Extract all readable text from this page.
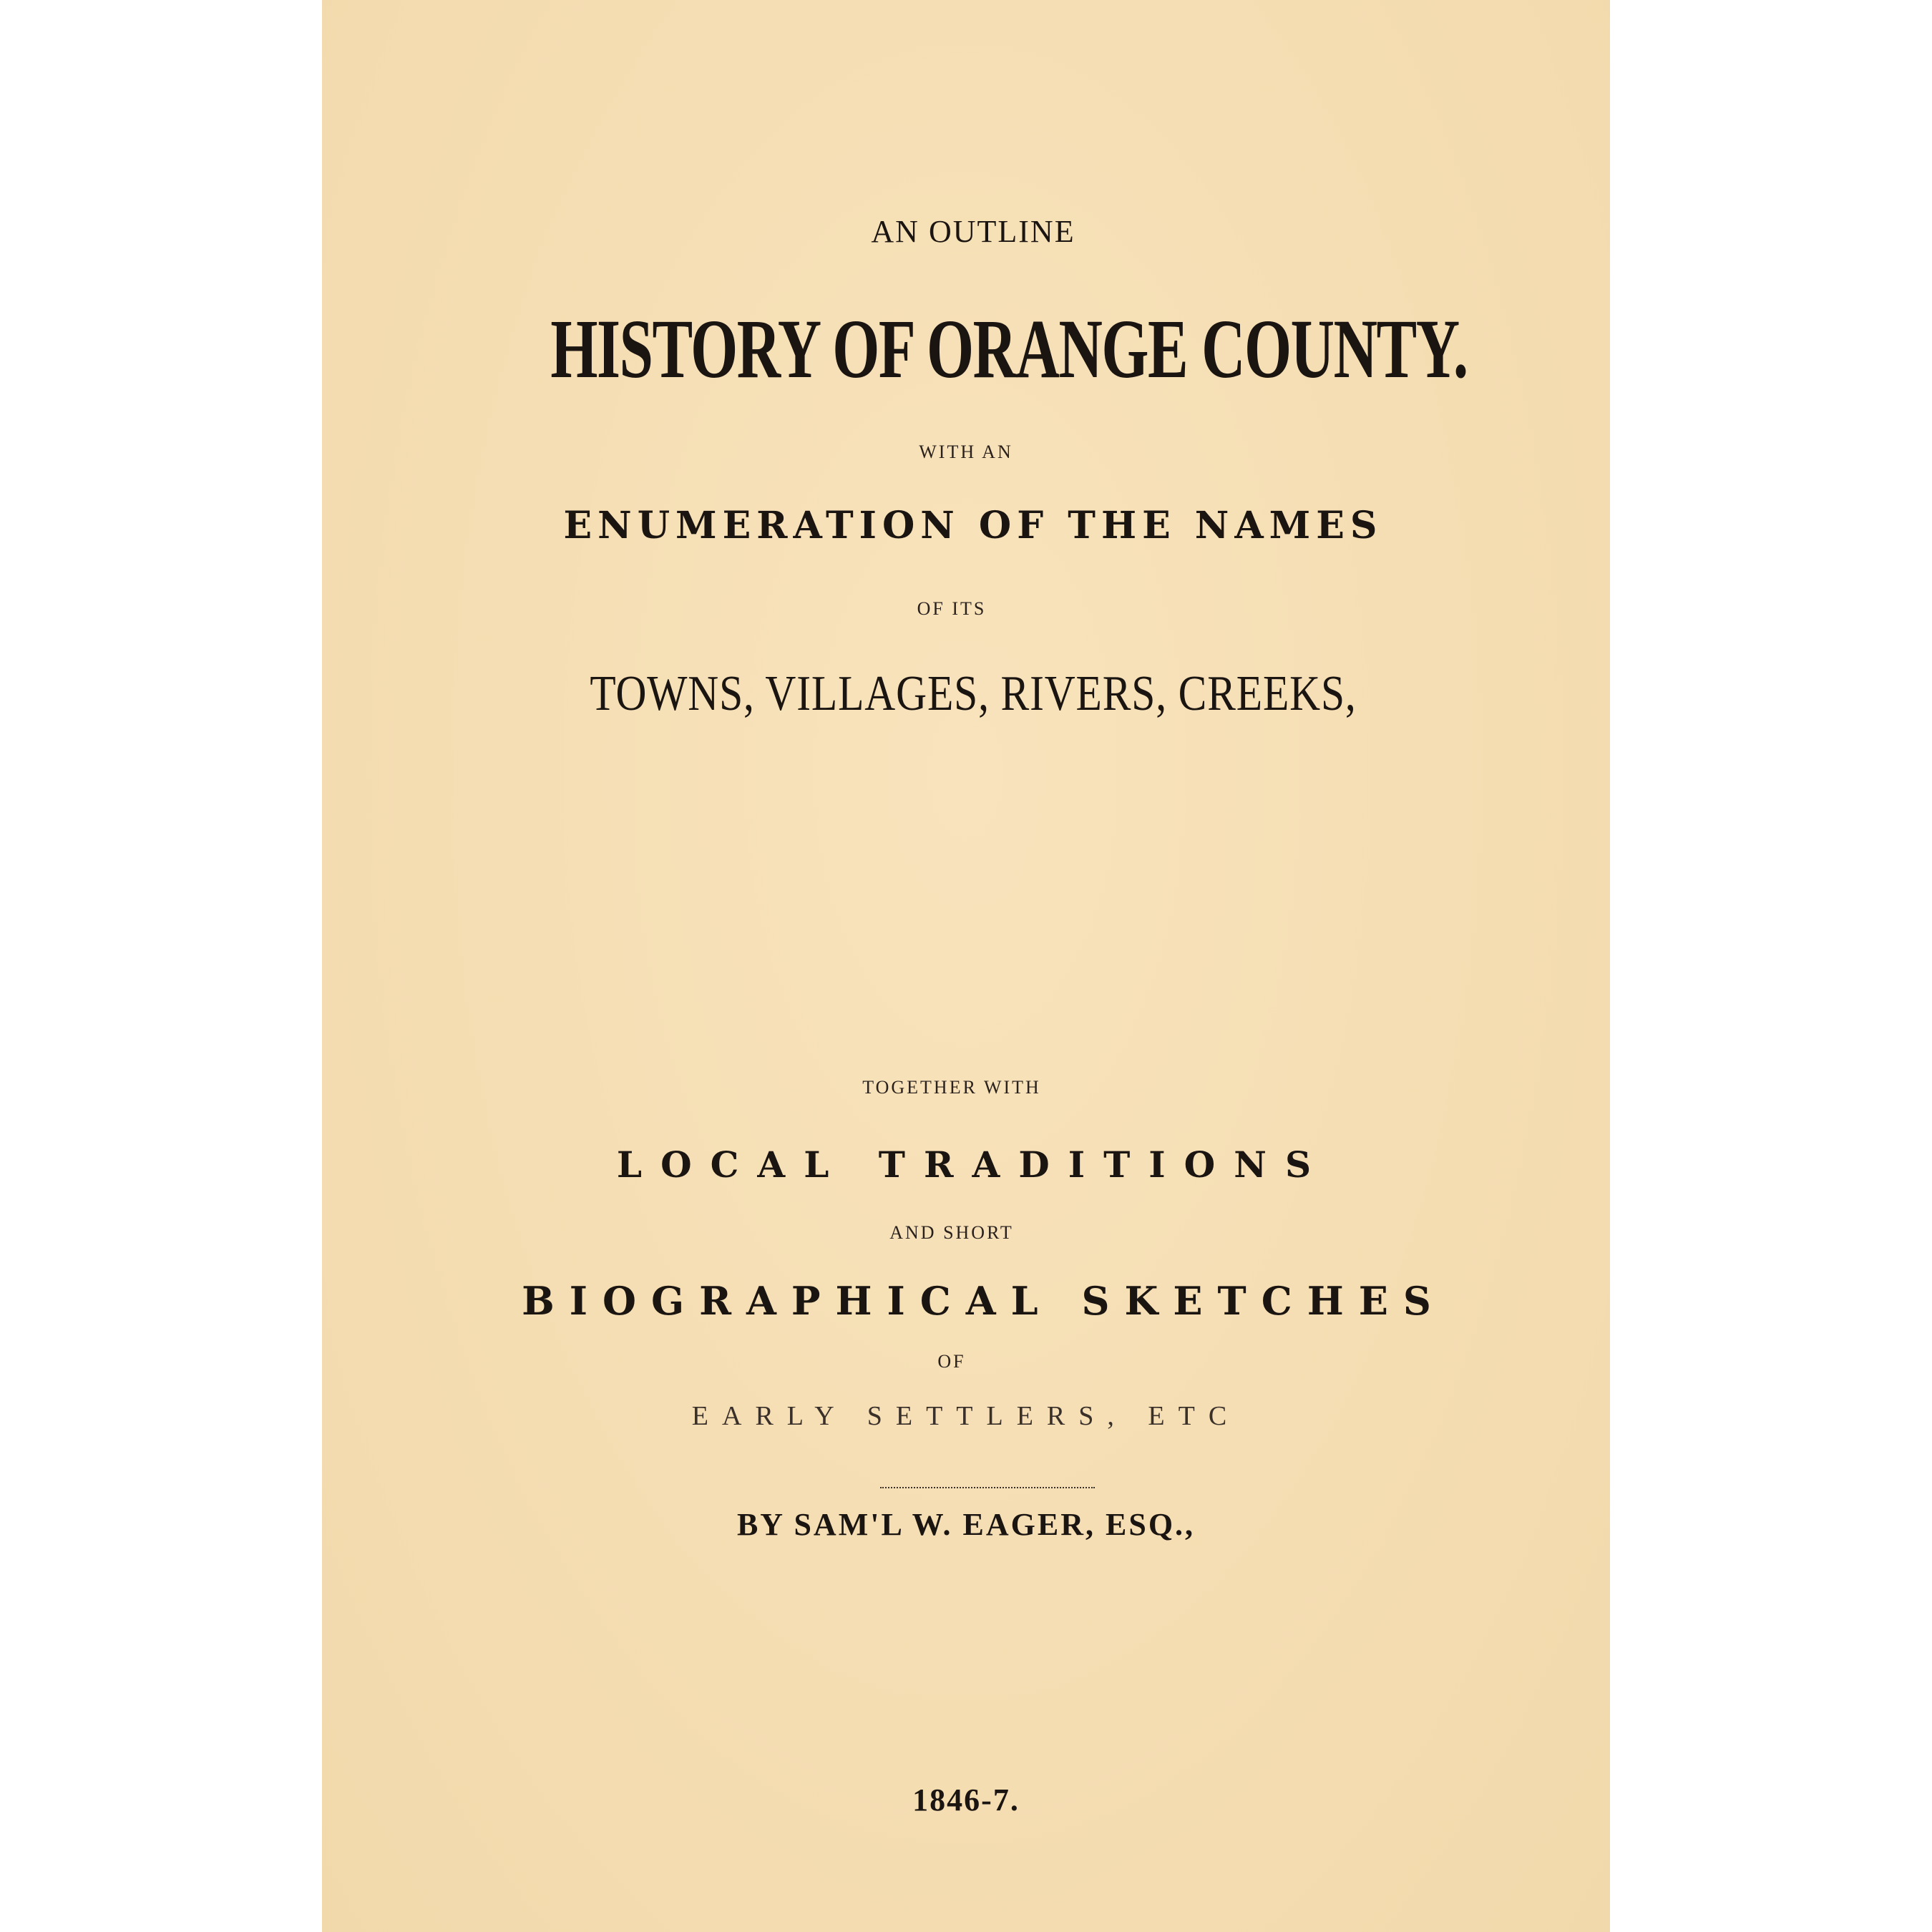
AN OUTLINE
HISTORY OF ORANGE COUNTY.
WITH AN
ENUMERATION OF THE NAMES
OF ITS
TOWNS, VILLAGES, RIVERS, CREEKS,
TOGETHER WITH
LOCAL TRADITIONS
AND SHORT
BIOGRAPHICAL SKETCHES
OF
EARLY SETTLERS, ETC
BY SAM'L W. EAGER, ESQ.,
1846-7.
